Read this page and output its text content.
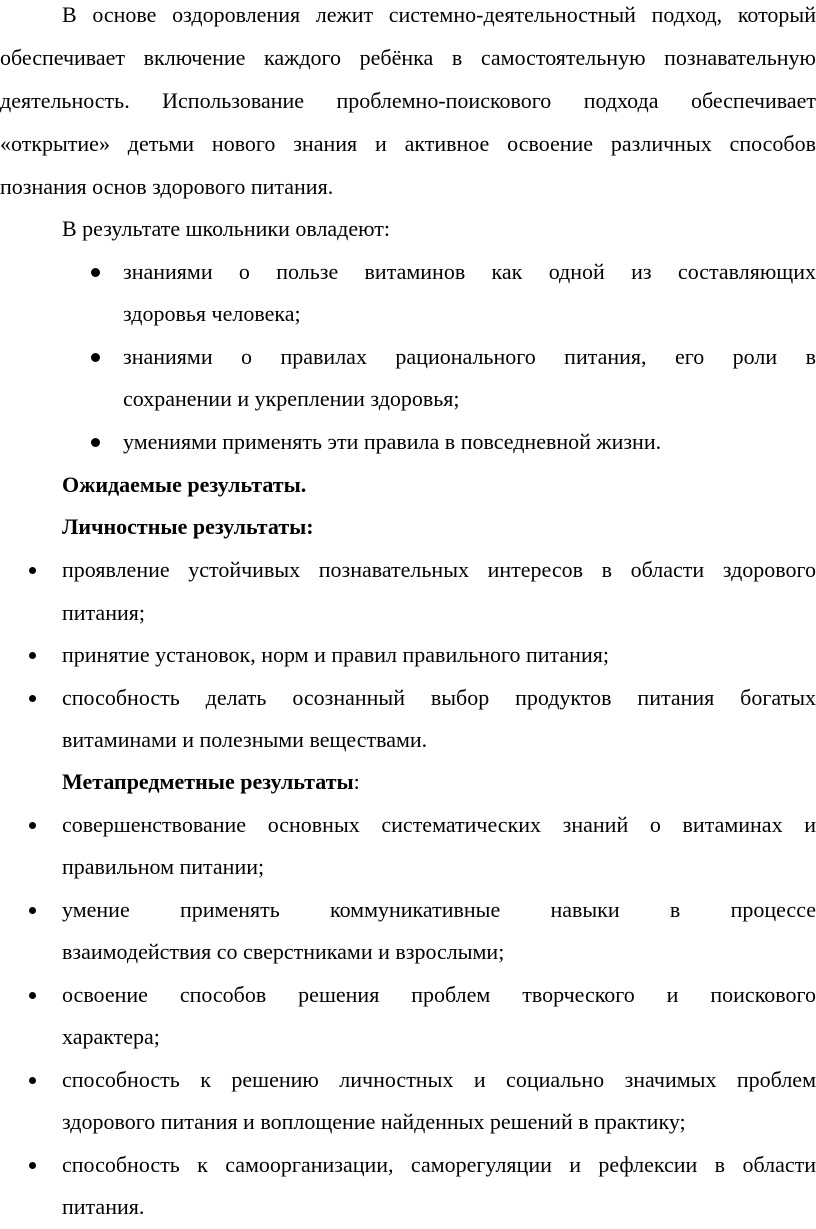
В основе оздоровления лежит системно-деятельностный подход, который
обеспечивает включение каждого ребёнка в самостоятельную познавательную
деятельность. Использование проблемно-поискового подхода обеспечивает
«открытие» детьми нового знания и активное освоение различных способов
познания основ здорового питания.
В результате школьники овладеют:
знаниями о пользе витаминов как одной из составляющих
здоровья человека;
знаниями о правилах рационального питания, его роли в
сохранении и укреплении здоровья;
умениями применять эти правила в повседневной жизни.
Ожидаемые результаты.
Личностные результаты:
проявление устойчивых познавательных интересов в области здорового
питания;
принятие установок, норм и правил правильного питания;
способность делать осознанный выбор продуктов питания богатых
витаминами и полезными веществами.
Метапредметные результаты:
совершенствование основных систематических знаний о витаминах и
правильном питании;
умение применять коммуникативные навыки в процессе
взаимодействия со сверстниками и взрослыми;
освоение способов решения проблем творческого и поискового
характера;
способность к решению личностных и социально значимых проблем
здорового питания и воплощение найденных решений в практику;
способность к самоорганизации, саморегуляции и рефлексии в области
питания.
